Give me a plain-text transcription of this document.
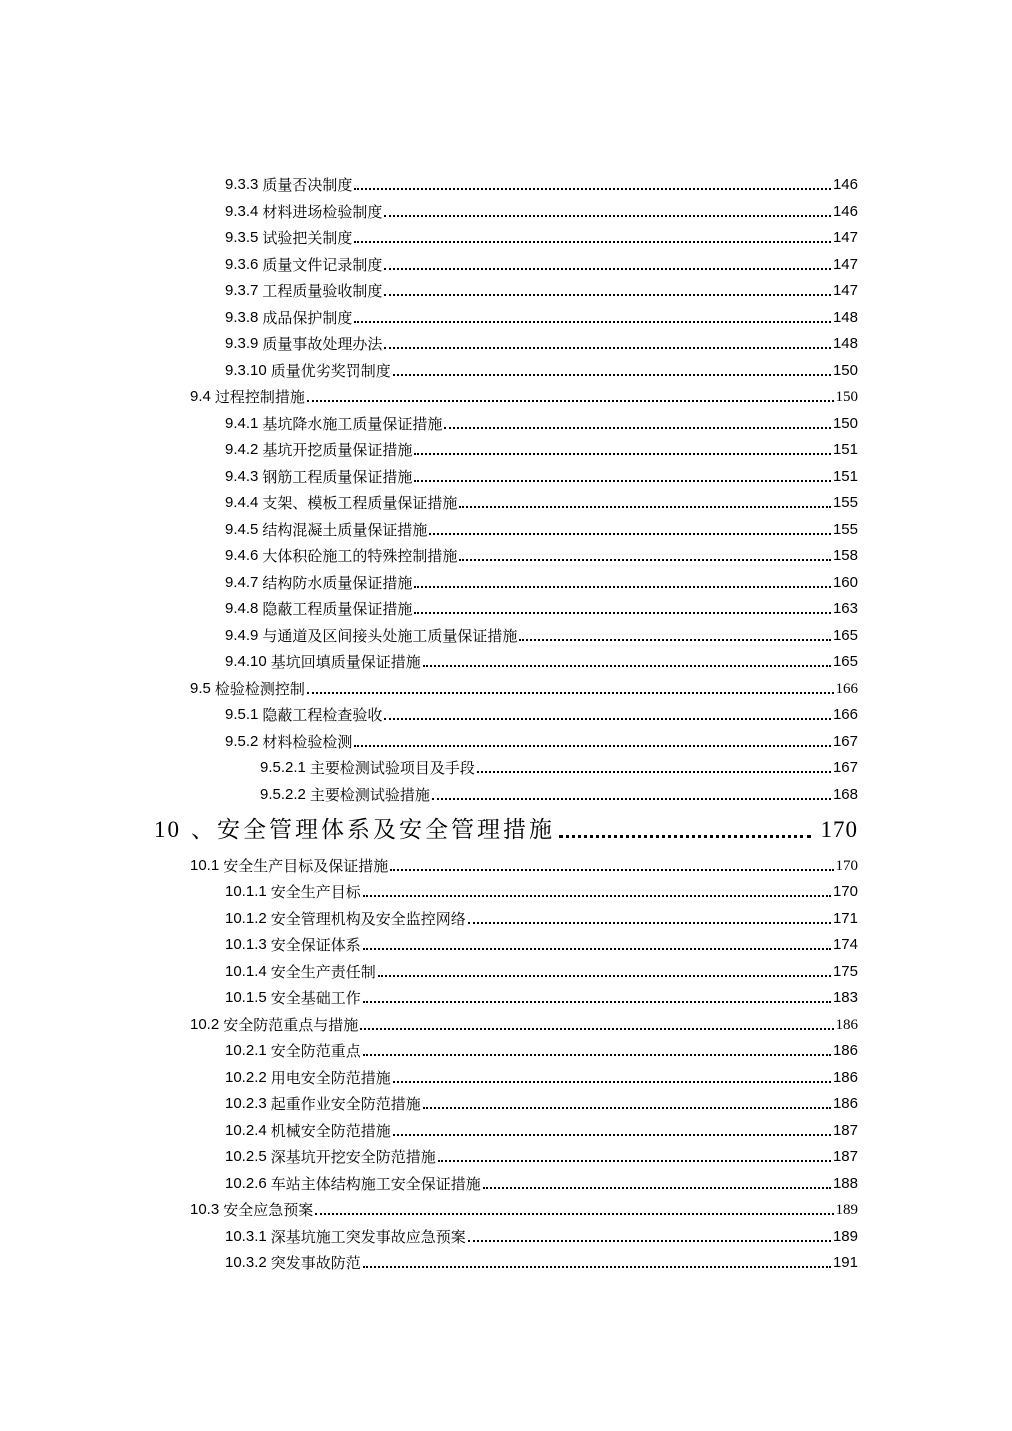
9.3.3 质量否决制度	146
9.3.4 材料进场检验制度	146
9.3.5 试验把关制度	147
9.3.6 质量文件记录制度	147
9.3.7 工程质量验收制度	147
9.3.8 成品保护制度	148
9.3.9 质量事故处理办法	148
9.3.10 质量优劣奖罚制度	150
9.4 过程控制措施	150
9.4.1 基坑降水施工质量保证措施	150
9.4.2 基坑开挖质量保证措施	151
9.4.3 钢筋工程质量保证措施	151
9.4.4 支架、模板工程质量保证措施	155
9.4.5 结构混凝土质量保证措施	155
9.4.6 大体积砼施工的特殊控制措施	158
9.4.7 结构防水质量保证措施	160
9.4.8 隐蔽工程质量保证措施	163
9.4.9 与通道及区间接头处施工质量保证措施	165
9.4.10 基坑回填质量保证措施	165
9.5 检验检测控制	166
9.5.1 隐蔽工程检查验收	166
9.5.2 材料检验检测	167
9.5.2.1 主要检测试验项目及手段	167
9.5.2.2 主要检测试验措施	168
10 、安全管理体系及安全管理措施	170
10.1 安全生产目标及保证措施	170
10.1.1 安全生产目标	170
10.1.2 安全管理机构及安全监控网络	171
10.1.3 安全保证体系	174
10.1.4 安全生产责任制	175
10.1.5 安全基础工作	183
10.2 安全防范重点与措施	186
10.2.1 安全防范重点	186
10.2.2 用电安全防范措施	186
10.2.3 起重作业安全防范措施	186
10.2.4 机械安全防范措施	187
10.2.5 深基坑开挖安全防范措施	187
10.2.6 车站主体结构施工安全保证措施	188
10.3 安全应急预案	189
10.3.1 深基坑施工突发事故应急预案	189
10.3.2 突发事故防范	191
